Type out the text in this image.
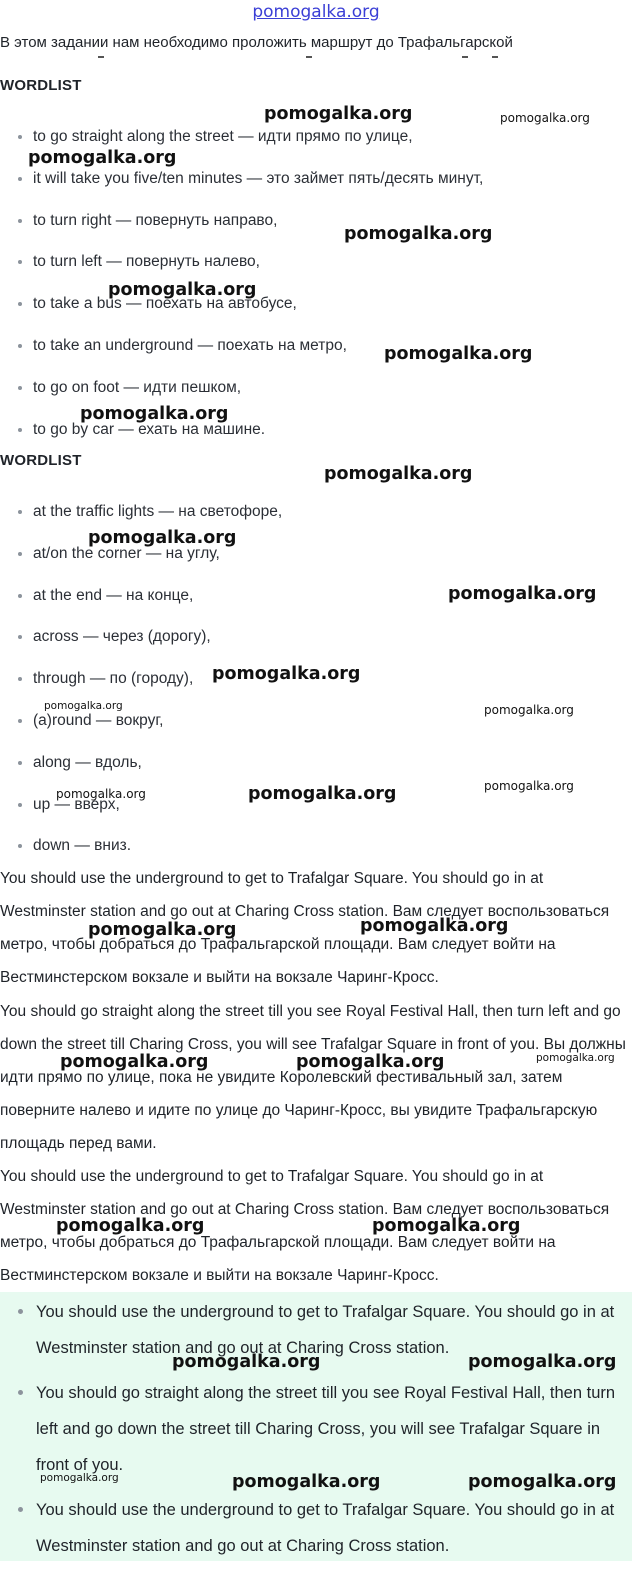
pomogalka.org
В этом задании нам необходимо проложить маршрут до Трафальгарской
WORDLIST
to go straight along the street — идти прямо по улице,
it will take you five/ten minutes — это займет пять/десять минут,
to turn right — повернуть направо,
to turn left — повернуть налево,
to take a bus — поехать на автобусе,
to take an underground — поехать на метро,
to go on foot — идти пешком,
to go by car — ехать на машине.
WORDLIST
at the traffic lights — на светофоре,
at/on the corner — на углу,
at the end — на конце,
across — через (дорогу),
through — по (городу),
(a)round — вокруг,
along — вдоль,
up — вверх,
down — вниз.

You should use the underground to get to Trafalgar Square. You should go in at Westminster station and go out at Charing Cross station. Вам следует воспользоваться метро, чтобы добраться до Трафальгарской площади. Вам следует войти на Вестминстерском вокзале и выйти на вокзале Чаринг-Кросс.

You should go straight along the street till you see Royal Festival Hall, then turn left and go down the street till Charing Cross, you will see Trafalgar Square in front of you. Вы должны идти прямо по улице, пока не увидите Королевский фестивальный зал, затем поверните налево и идите по улице до Чаринг-Кросс, вы увидите Трафальгарскую площадь перед вами.

You should use the underground to get to Trafalgar Square. You should go in at Westminster station and go out at Charing Cross station. Вам следует воспользоваться метро, чтобы добраться до Трафальгарской площади. Вам следует войти на Вестминстерском вокзале и выйти на вокзале Чаринг-Кросс.

You should use the underground to get to Trafalgar Square. You should go in at Westminster station and go out at Charing Cross station.
You should go straight along the street till you see Royal Festival Hall, then turn left and go down the street till Charing Cross, you will see Trafalgar Square in front of you.
You should use the underground to get to Trafalgar Square. You should go in at Westminster station and go out at Charing Cross station.
pomogalka.org	pomogalka.org
pomogalka.org
pomogalka.org
pomogalka.org
pomogalka.org
pomogalka.org
pomogalka.org
pomogalka.org
pomogalka.org
pomogalka.org
pomogalka.org	pomogalka.org
pomogalka.org	pomogalka.org	pomogalka.org
pomogalka.org	pomogalka.org
pomogalka.org	pomogalka.org	pomogalka.org
pomogalka.org	pomogalka.org
pomogalka.org	pomogalka.org
pomogalka.org	pomogalka.org	pomogalka.org
